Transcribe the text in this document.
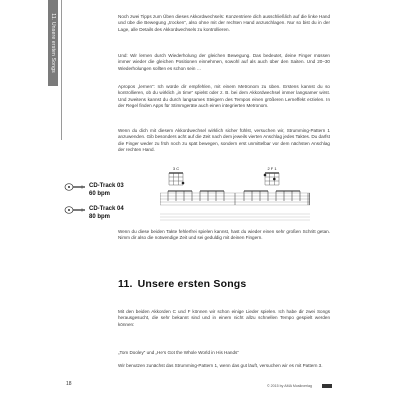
11. Unsere ersten Songs	Noch zwei Tipps zum Üben dieses Akkordwechsels: Konzentriere dich ausschließlich auf die linke Hand und übe die Bewegung „trocken“, also ohne mit der rechten Hand anzuschlagen. Nur so bist du in der Lage, alle Details des Akkordwechsels zu kontrollieren.

Und: Wir lernen durch Wiederholung der gleichen Bewegung. Das bedeutet, deine Finger müssen immer wieder die gleichen Positionen einnehmen, sowohl auf als auch über den Saiten. Und 20–30 Wiederholungen sollten es schon sein …

Apropos „lernen“: Ich würde dir empfehlen, mit einem Metronom zu üben. Erstens kannst du so kontrollieren, ob du wirklich „in time“ spielst oder z. B. bei dem Akkordwechsel immer langsamer wirst. Und zweitens kannst du durch langsames Steigern des Tempos einen größeren Lerneffekt erzielen. In der Regel finden Apps für Stimmgeräte auch einen integrierten Metronom.

Wenn du dich mit diesem Akkordwechsel wirklich sicher fühlst, versuchen wir, Strumming-Pattern 1 anzuwenden. Gib besonders acht auf die Zeit nach dem jeweils vierten Anschlag jedes Taktes. Du darfst die Finger weder zu früh noch zu spät bewegen, sondern erst unmittelbar vor dem nächsten Anschlag der rechten Hand.

3 C	2 F 1
CD-Track 03
60 bpm
CD-Track 04
80 bpm

Wenn du diese beiden Takte fehlerfrei spielen kannst, hast du wieder einen sehr großen Schritt getan. Nimm dir also die notwendige Zeit und sei geduldig mit deinen Fingern.

11. Unsere ersten Songs

Mit den beiden Akkorden C und F können wir schon einige Lieder spielen. Ich habe dir zwei Songs herausgesucht, die sehr bekannt sind und in einem nicht allzu schnellen Tempo gespielt werden können:

„Tom Dooley“ und „He’s Got the Whole World in His Hands“

Wir benutzen zunächst das Strumming-Pattern 1, wenn das gut läuft, versuchen wir es mit Pattern 3.

18	© 2015 by AMA Musikverlag
